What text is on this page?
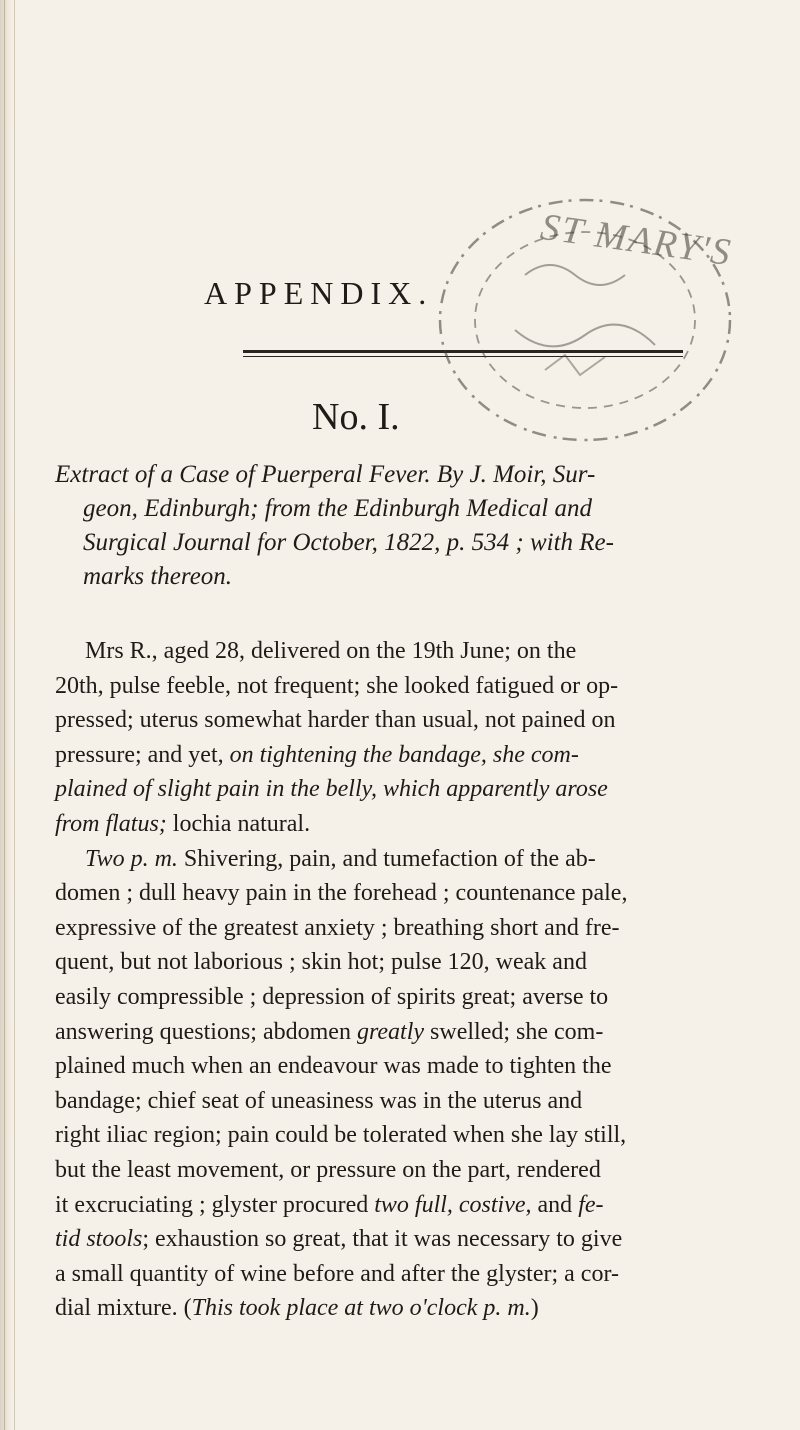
APPENDIX.
No. I.
ST MARY'S
Extract of a Case of Puerperal Fever. By J. Moir, Sur-
geon, Edinburgh; from the Edinburgh Medical and
Surgical Journal for October, 1822, p. 534 ; with Re-
marks thereon.
Mrs R., aged 28, delivered on the 19th June; on the
20th, pulse feeble, not frequent; she looked fatigued or op-
pressed; uterus somewhat harder than usual, not pained on
pressure; and yet, on tightening the bandage, she com-
plained of slight pain in the belly, which apparently arose
from flatus; lochia natural.
Two p. m. Shivering, pain, and tumefaction of the ab-
domen ; dull heavy pain in the forehead ; countenance pale,
expressive of the greatest anxiety ; breathing short and fre-
quent, but not laborious ; skin hot; pulse 120, weak and
easily compressible ; depression of spirits great; averse to
answering questions; abdomen greatly swelled; she com-
plained much when an endeavour was made to tighten the
bandage; chief seat of uneasiness was in the uterus and
right iliac region; pain could be tolerated when she lay still,
but the least movement, or pressure on the part, rendered
it excruciating ; glyster procured two full, costive, and fe-
tid stools; exhaustion so great, that it was necessary to give
a small quantity of wine before and after the glyster; a cor-
dial mixture. (This took place at two o'clock p. m.)
